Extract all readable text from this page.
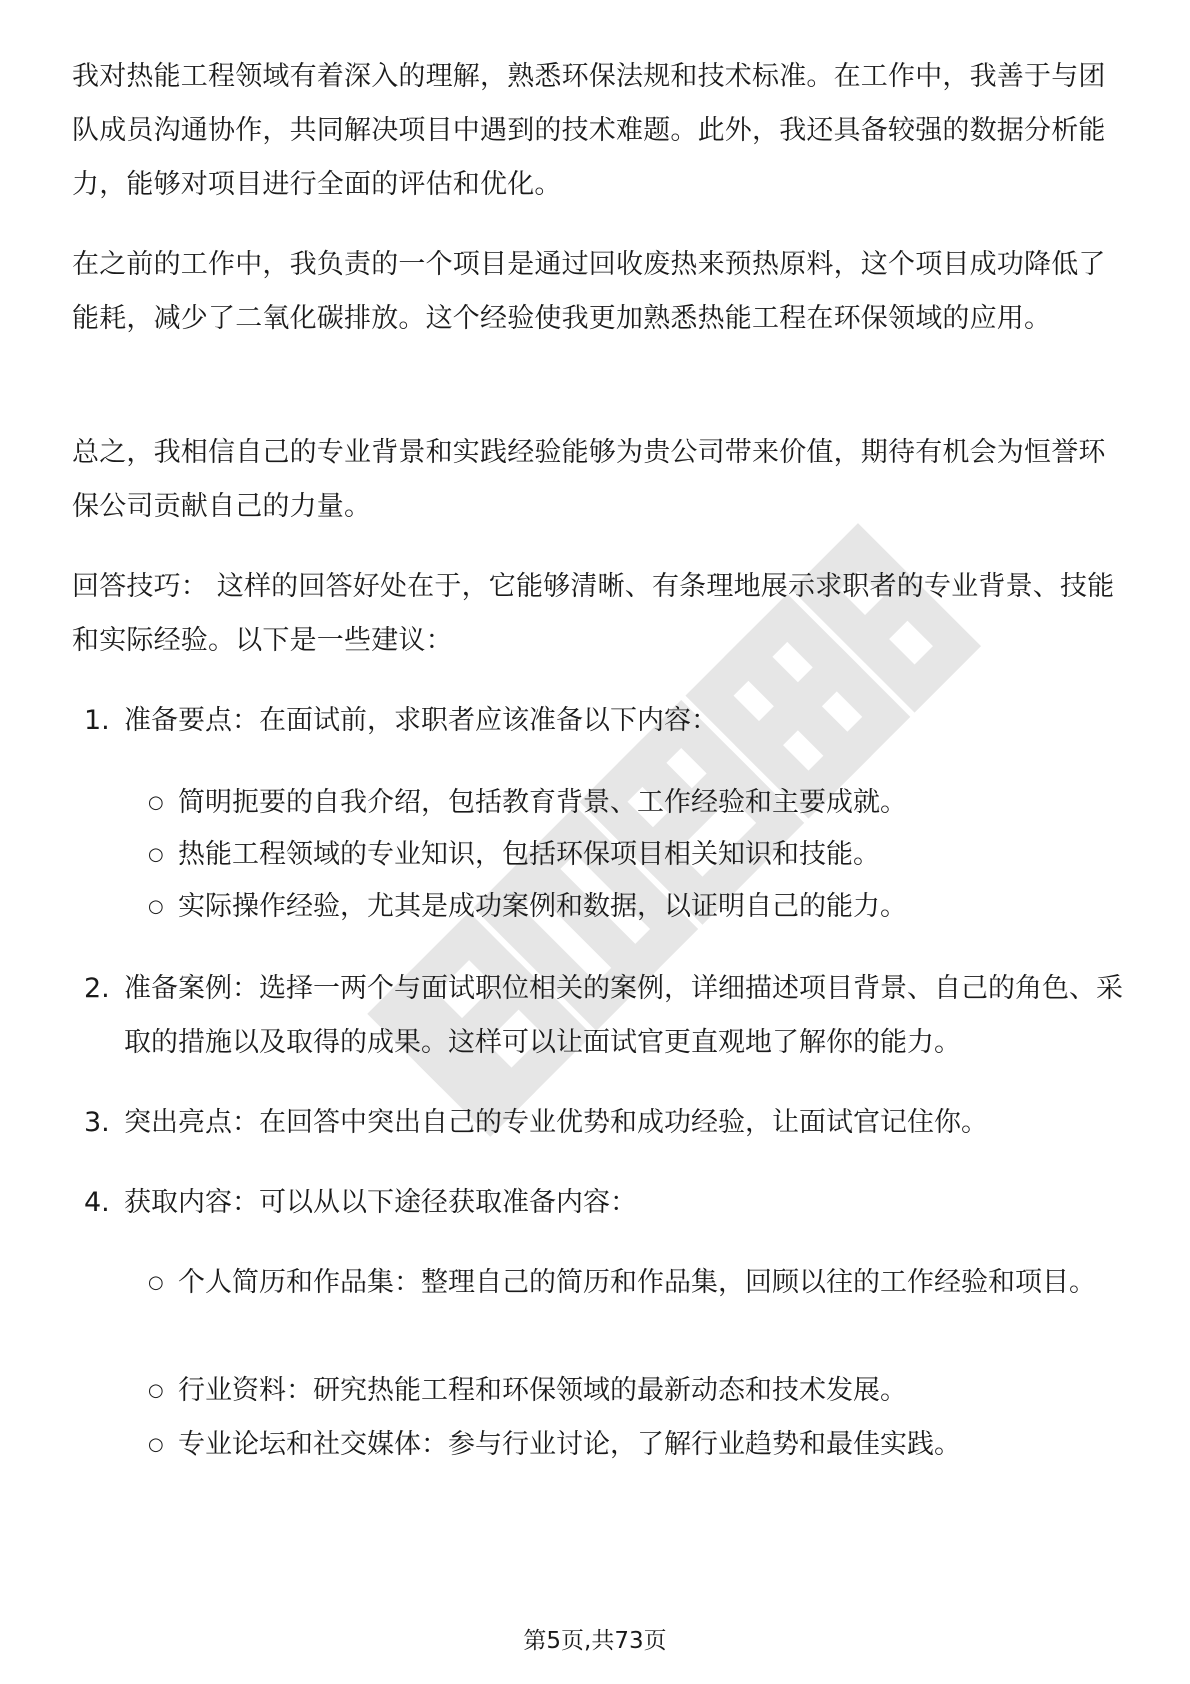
我对热能工程领域有着深入的理解，熟悉环保法规和技术标准。在工作中，我善于与团队成员沟通协作，共同解决项目中遇到的技术难题。此外，我还具备较强的数据分析能力，能够对项目进行全面的评估和优化。

在之前的工作中，我负责的一个项目是通过回收废热来预热原料，这个项目成功降低了能耗，减少了二氧化碳排放。这个经验使我更加熟悉热能工程在环保领域的应用。

总之，我相信自己的专业背景和实践经验能够为贵公司带来价值，期待有机会为恒誉环保公司贡献自己的力量。

回答技巧： 这样的回答好处在于，它能够清晰、有条理地展示求职者的专业背景、技能和实际经验。以下是一些建议：

1. 准备要点：在面试前，求职者应该准备以下内容：
○ 简明扼要的自我介绍，包括教育背景、工作经验和主要成就。
○ 热能工程领域的专业知识，包括环保项目相关知识和技能。
○ 实际操作经验，尤其是成功案例和数据，以证明自己的能力。
2. 准备案例：选择一两个与面试职位相关的案例，详细描述项目背景、自己的角色、采取的措施以及取得的成果。这样可以让面试官更直观地了解你的能力。
3. 突出亮点：在回答中突出自己的专业优势和成功经验，让面试官记住你。
4. 获取内容：可以从以下途径获取准备内容：
○ 个人简历和作品集：整理自己的简历和作品集，回顾以往的工作经验和项目。
○ 行业资料：研究热能工程和环保领域的最新动态和技术发展。
○ 专业论坛和社交媒体：参与行业讨论，了解行业趋势和最佳实践。
第5页,共73页
